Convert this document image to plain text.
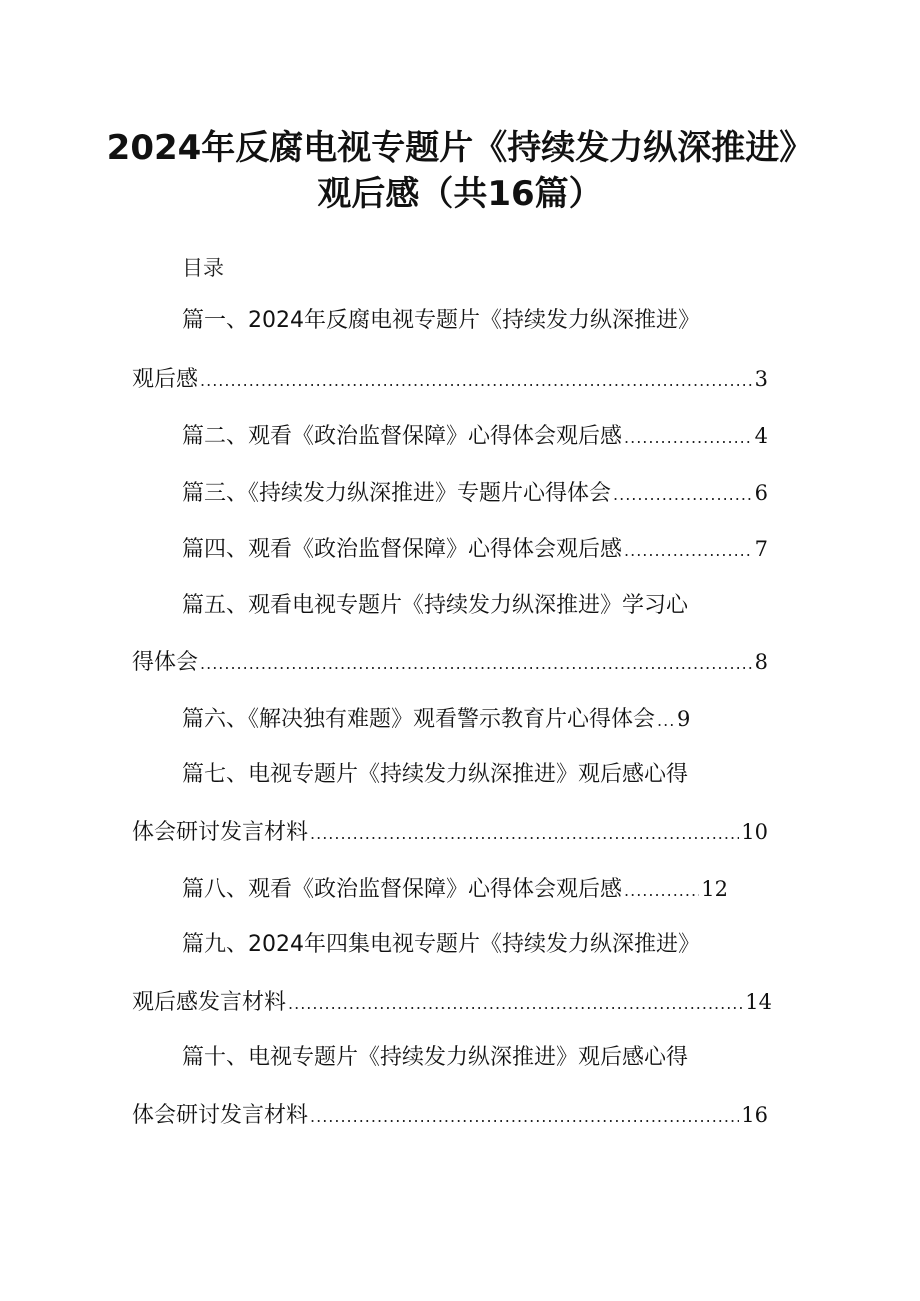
2024年反腐电视专题片《持续发力纵深推进》
观后感（共16篇）
目录
篇一、2024年反腐电视专题片《持续发力纵深推进》
观后感 .....	3
篇二、观看《政治监督保障》心得体会观后感 .....	4
篇三、《持续发力纵深推进》专题片心得体会 .....	6
篇四、观看《政治监督保障》心得体会观后感 .....	7
篇五、观看电视专题片《持续发力纵深推进》学习心
得体会 .....	8
篇六、《解决独有难题》观看警示教育片心得体会 ..... 9
篇七、电视专题片《持续发力纵深推进》观后感心得
体会研讨发言材料 .....	10
篇八、观看《政治监督保障》心得体会观后感 .....	12
篇九、2024年四集电视专题片《持续发力纵深推进》
观后感发言材料 .....	14
篇十、电视专题片《持续发力纵深推进》观后感心得
体会研讨发言材料 .....	16
